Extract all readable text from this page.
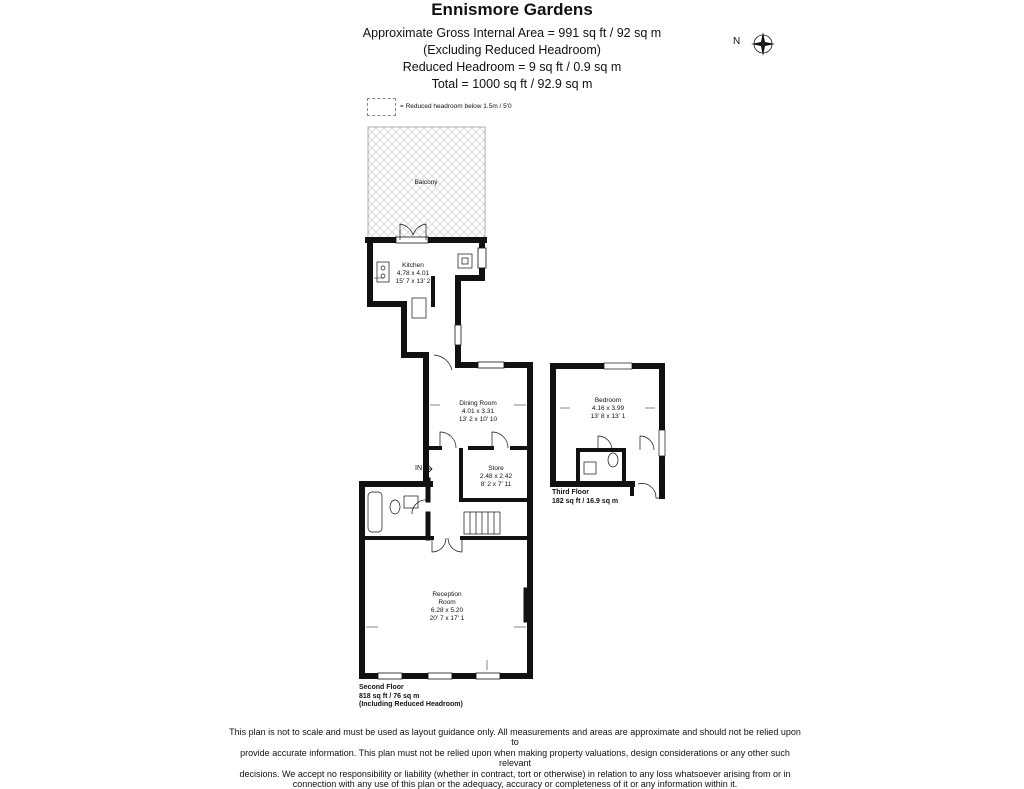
Ennismore Gardens
Approximate Gross Internal Area = 991 sq ft / 92 sq m
(Excluding Reduced Headroom)
Reduced Headroom = 9 sq ft / 0.9 sq m
Total = 1000 sq ft / 92.9 sq m
N
= Reduced headroom below 1.5m / 5'0
Balcony
Kitchen
4.78 x 4.01
15' 7 x 13' 2
Dining Room
4.01 x 3.31
13' 2 x 10' 10
Store
2.48 x 2.42
8' 2 x 7' 11
Reception
Room
6.28 x 5.20
20' 7 x 17' 1
Bedroom
4.16 x 3.99
13' 8 x 13' 1
IN
Second Floor
818 sq ft / 76 sq m
(Including Reduced Headroom)
Third Floor
182 sq ft / 16.9 sq m
This plan is not to scale and must be used as layout guidance only. All measurements and areas are approximate and should not be relied upon to
provide accurate information. This plan must not be relied upon when making property valuations, design considerations or any other such relevant
decisions. We accept no responsibility or liability (whether in contract, tort or otherwise) in relation to any loss whatsoever arising from or in
connection with any use of this plan or the adequacy, accuracy or completeness of it or any information within it.
